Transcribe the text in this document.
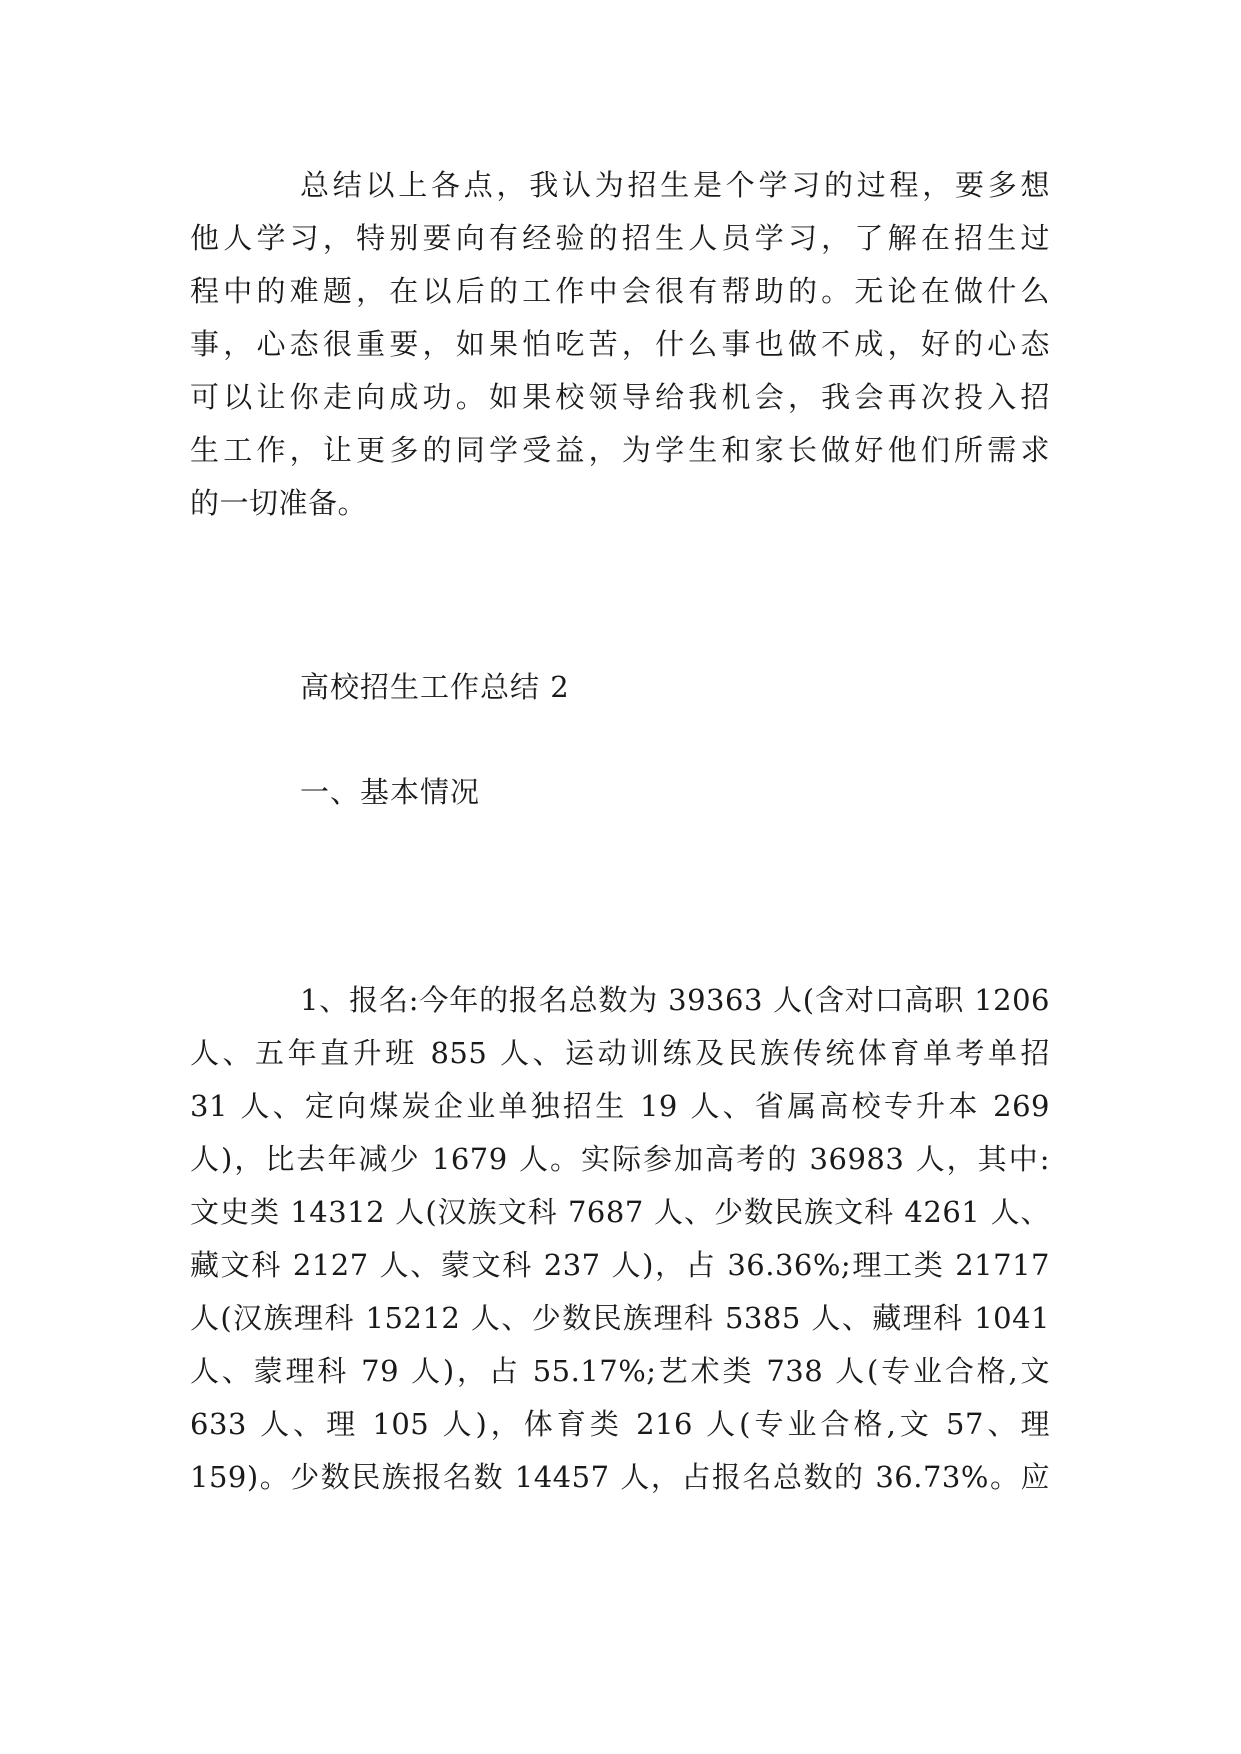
总结以上各点，我认为招生是个学习的过程，要多想

他人学习，特别要向有经验的招生人员学习，了解在招生过

程中的难题，在以后的工作中会很有帮助的。无论在做什么

事，心态很重要，如果怕吃苦，什么事也做不成，好的心态

可以让你走向成功。如果校领导给我机会，我会再次投入招

生工作，让更多的同学受益，为学生和家长做好他们所需求

的一切准备。

高校招生工作总结 2
一、基本情况

1、报名:今年的报名总数为 39363 人(含对口高职 1206

人、五年直升班 855 人、运动训练及民族传统体育单考单招

31 人、定向煤炭企业单独招生 19 人、省属高校专升本 269

人)，比去年减少 1679 人。实际参加高考的 36983 人，其中:

文史类 14312 人(汉族文科 7687 人、少数民族文科 4261 人、

藏文科 2127 人、蒙文科 237 人)，占 36.36%;理工类 21717

人(汉族理科 15212 人、少数民族理科 5385 人、藏理科 1041

人、蒙理科 79 人)，占 55.17%;艺术类 738 人(专业合格,文

633 人、理 105 人)，体育类 216 人(专业合格,文 57、理

159)。少数民族报名数 14457 人，占报名总数的 36.73%。应
